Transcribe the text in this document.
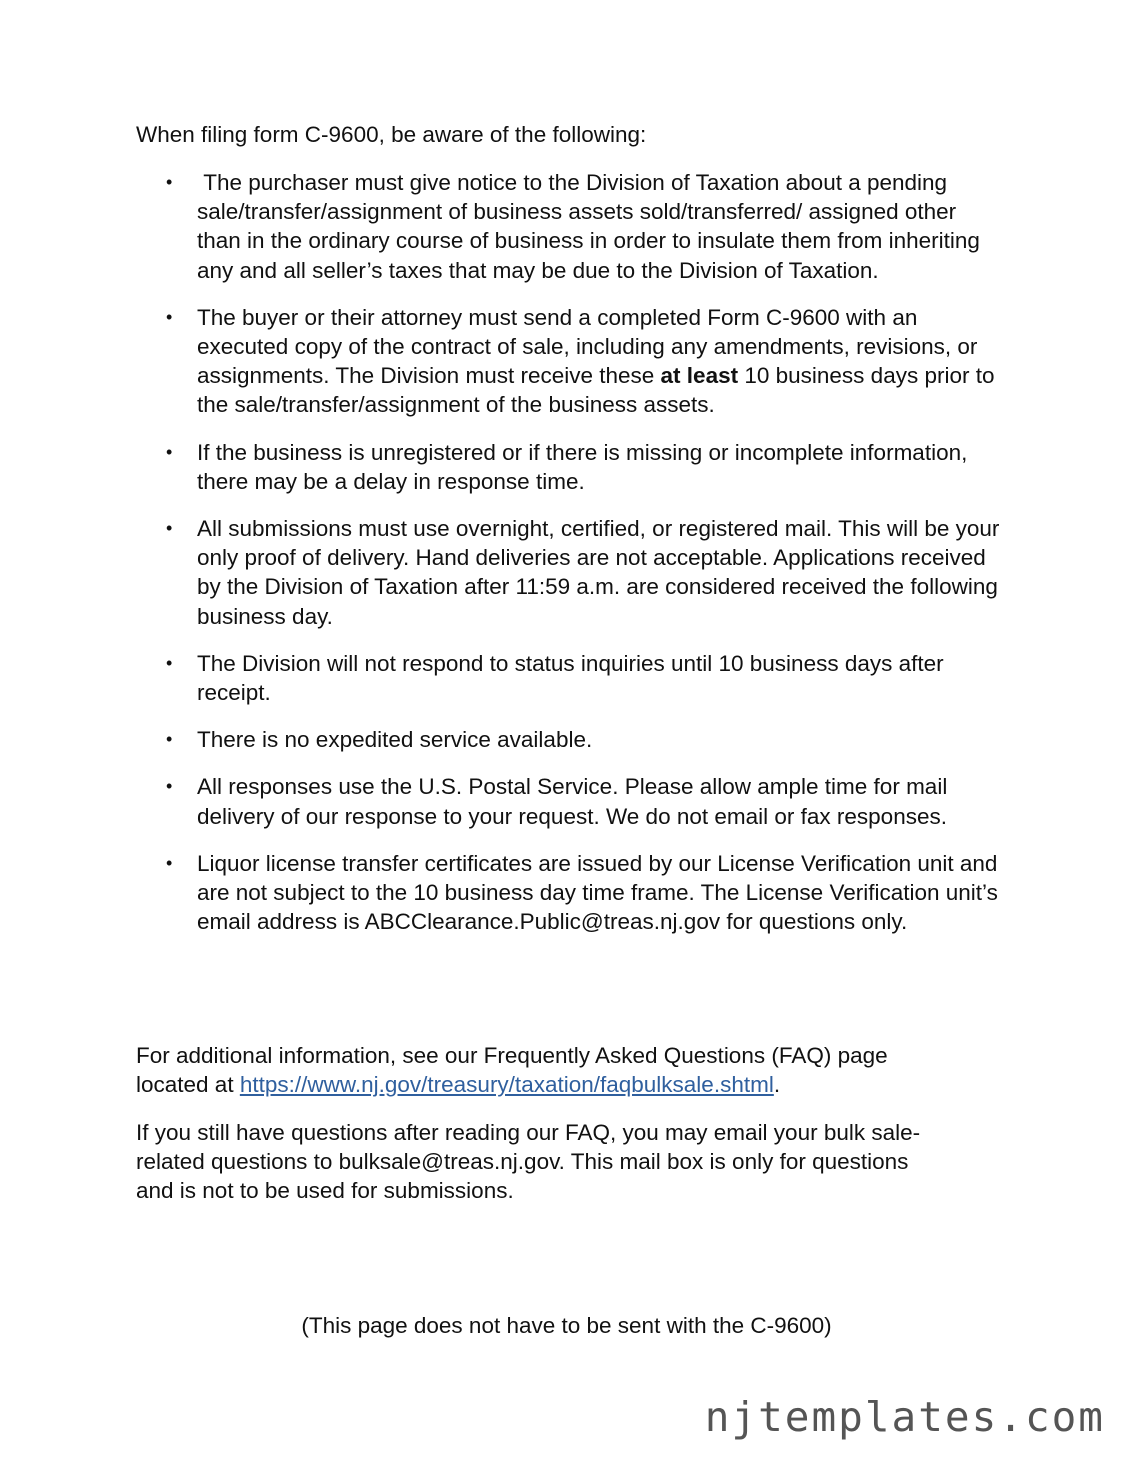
When filing form C-9600, be aware of the following:

• The purchaser must give notice to the Division of Taxation about a pending sale/transfer/assignment of business assets sold/transferred/ assigned other than in the ordinary course of business in order to insulate them from inheriting any and all seller’s taxes that may be due to the Division of Taxation.
• The buyer or their attorney must send a completed Form C-9600 with an executed copy of the contract of sale, including any amendments, revisions, or assignments. The Division must receive these at least 10 business days prior to the sale/transfer/assignment of the business assets.
• If the business is unregistered or if there is missing or incomplete information, there may be a delay in response time.
• All submissions must use overnight, certified, or registered mail. This will be your only proof of delivery. Hand deliveries are not acceptable. Applications received by the Division of Taxation after 11:59 a.m. are considered received the following business day.
• The Division will not respond to status inquiries until 10 business days after receipt.
• There is no expedited service available.
• All responses use the U.S. Postal Service. Please allow ample time for mail delivery of our response to your request. We do not email or fax responses.
• Liquor license transfer certificates are issued by our License Verification unit and are not subject to the 10 business day time frame. The License Verification unit’s email address is ABCClearance.Public@treas.nj.gov for questions only.

For additional information, see our Frequently Asked Questions (FAQ) page located at https://www.nj.gov/treasury/taxation/faqbulksale.shtml.

If you still have questions after reading our FAQ, you may email your bulk sale-related questions to bulksale@treas.nj.gov. This mail box is only for questions and is not to be used for submissions.

(This page does not have to be sent with the C-9600)

njtemplates.com
